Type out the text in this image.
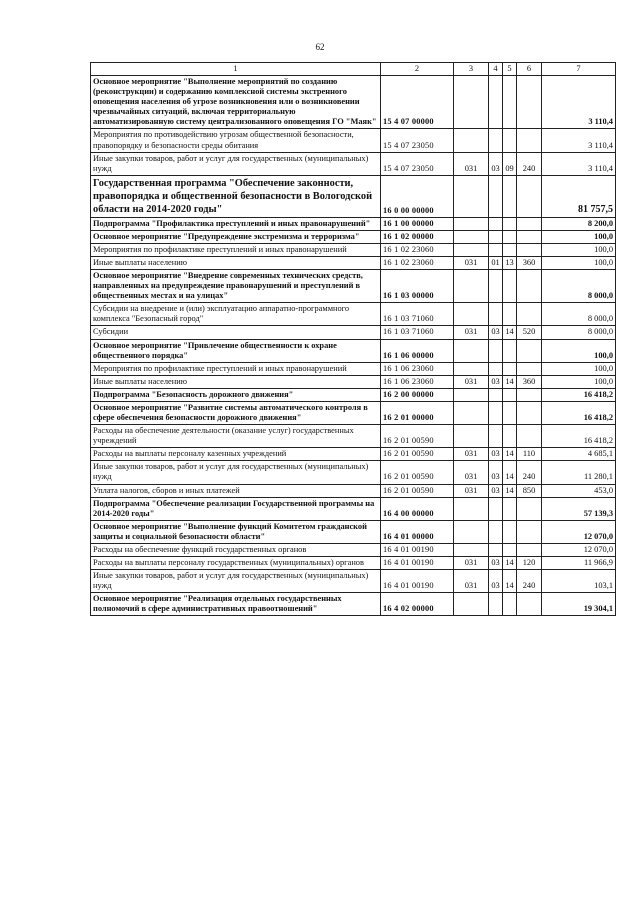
62
1	2	3	4	5	6	7
Основное мероприятие "Выполнение мероприятий по созданию (реконструкции) и содержанию комплексной системы экстренного оповещения населения об угрозе возникновения или о возникновении чрезвычайных ситуаций, включая территориальную автоматизированную систему централизованного оповещения ГО "Маяк"	15 4 07 00000					3 110,4
Мероприятия по противодействию угрозам общественной безопасности, правопорядку и безопасности среды обитания	15 4 07 23050					3 110,4
Иные закупки товаров, работ и услуг для государственных (муниципальных) нужд	15 4 07 23050	031	03	09	240	3 110,4
Государственная программа "Обеспечение законности, правопорядка и общественной безопасности в Вологодской области на 2014-2020 годы"	16 0 00 00000					81 757,5
Подпрограмма "Профилактика преступлений и иных правонарушений"	16 1 00 00000					8 200,0
Основное мероприятие "Предупреждение экстремизма и терроризма"	16 1 02 00000					100,0
Мероприятия по профилактике преступлений и иных правонарушений	16 1 02 23060					100,0
Иные выплаты населению	16 1 02 23060	031	01	13	360	100,0
Основное мероприятие "Внедрение современных технических средств, направленных на предупреждение правонарушений и преступлений в общественных местах и на улицах"	16 1 03 00000					8 000,0
Субсидии на внедрение и (или) эксплуатацию аппаратно-программного комплекса "Безопасный город"	16 1 03 71060					8 000,0
Субсидии	16 1 03 71060	031	03	14	520	8 000,0
Основное мероприятие "Привлечение общественности к охране общественного порядка"	16 1 06 00000					100,0
Мероприятия по профилактике преступлений и иных правонарушений	16 1 06 23060					100,0
Иные выплаты населению	16 1 06 23060	031	03	14	360	100,0
Подпрограмма "Безопасность дорожного движения"	16 2 00 00000					16 418,2
Основное мероприятие "Развитие системы автоматического контроля в сфере обеспечения безопасности дорожного движения"	16 2 01 00000					16 418,2
Расходы на обеспечение деятельности (оказание услуг) государственных учреждений	16 2 01 00590					16 418,2
Расходы на выплаты персоналу казенных учреждений	16 2 01 00590	031	03	14	110	4 685,1
Иные закупки товаров, работ и услуг для государственных (муниципальных) нужд	16 2 01 00590	031	03	14	240	11 280,1
Уплата налогов, сборов и иных платежей	16 2 01 00590	031	03	14	850	453,0
Подпрограмма "Обеспечение реализации Государственной программы на 2014-2020 годы"	16 4 00 00000					57 139,3
Основное мероприятие "Выполнение функций Комитетом гражданской защиты и социальной безопасности области"	16 4 01 00000					12 070,0
Расходы на обеспечение функций государственных органов	16 4 01 00190					12 070,0
Расходы на выплаты персоналу государственных (муниципальных) органов	16 4 01 00190	031	03	14	120	11 966,9
Иные закупки товаров, работ и услуг для государственных (муниципальных) нужд	16 4 01 00190	031	03	14	240	103,1
Основное мероприятие "Реализация отдельных государственных полномочий в сфере административных правоотношений"	16 4 02 00000					19 304,1
